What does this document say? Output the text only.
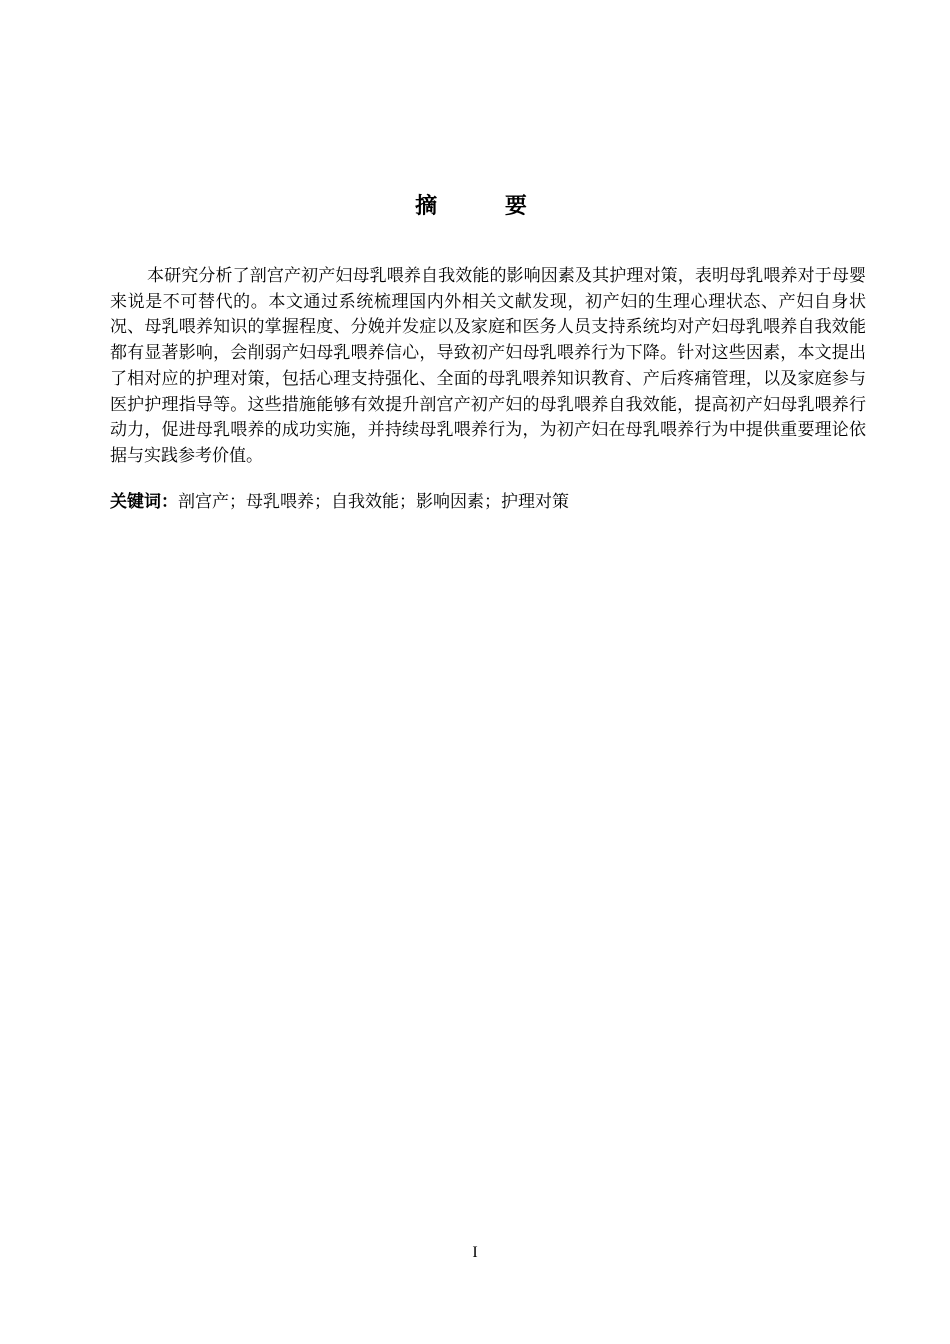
摘 要

本研究分析了剖宫产初产妇母乳喂养自我效能的影响因素及其护理对策，表明母乳喂养对于母婴来说是不可替代的。本文通过系统梳理国内外相关文献发现，初产妇的生理心理状态、产妇自身状况、母乳喂养知识的掌握程度、分娩并发症以及家庭和医务人员支持系统均对产妇母乳喂养自我效能都有显著影响，会削弱产妇母乳喂养信心，导致初产妇母乳喂养行为下降。针对这些因素，本文提出了相对应的护理对策，包括心理支持强化、全面的母乳喂养知识教育、产后疼痛管理，以及家庭参与医护护理指导等。这些措施能够有效提升剖宫产初产妇的母乳喂养自我效能，提高初产妇母乳喂养行动力，促进母乳喂养的成功实施，并持续母乳喂养行为，为初产妇在母乳喂养行为中提供重要理论依据与实践参考价值。

关键词：剖宫产；母乳喂养；自我效能；影响因素；护理对策

I
